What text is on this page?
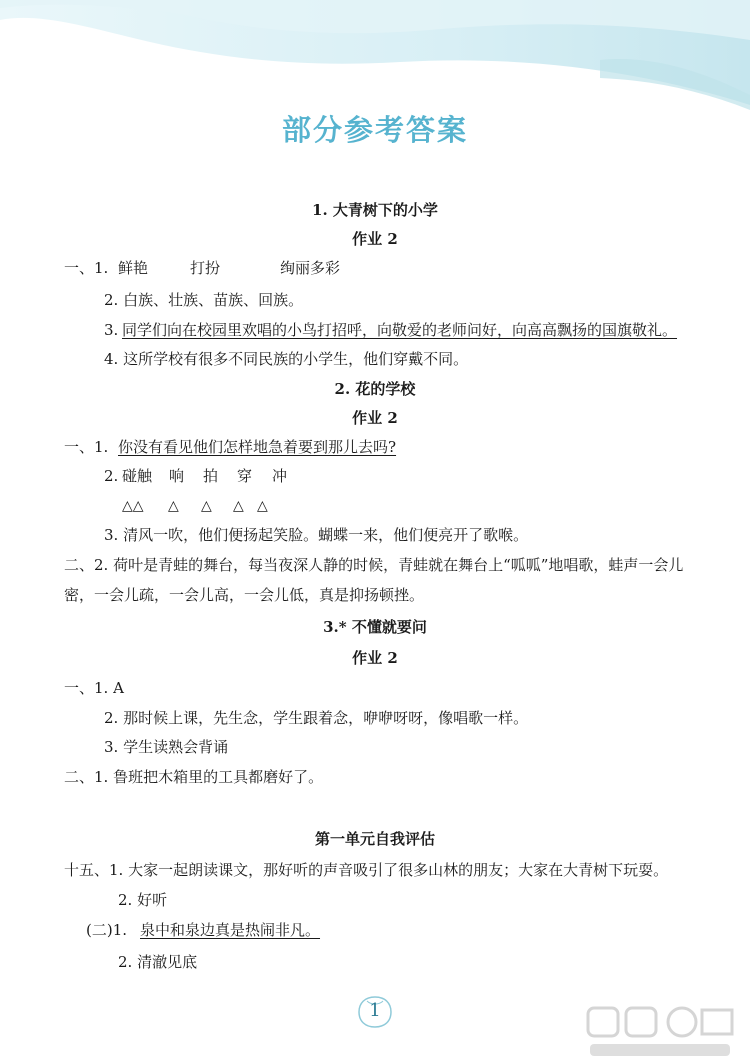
部分参考答案
1. 大青树下的小学
作业 2
一、1. 鲜艳	打扮	绚丽多彩
2. 白族、壮族、苗族、回族。
3. 同学们向在校园里欢唱的小鸟打招呼，向敬爱的老师问好，向高高飘扬的国旗敬礼。
4. 这所学校有很多不同民族的小学生，他们穿戴不同。
2. 花的学校
作业 2
一、1. 你没有看见他们怎样地急着要到那儿去吗?
2. 碰触 响 拍 穿 冲
△△ △ △ △ △
3. 清风一吹，他们便扬起笑脸。蝴蝶一来，他们便亮开了歌喉。
二、2. 荷叶是青蛙的舞台，每当夜深人静的时候，青蛙就在舞台上“呱呱”地唱歌，蛙声一会儿
密，一会儿疏，一会儿高，一会儿低，真是抑扬顿挫。
3.* 不懂就要问
作业 2
一、1. A
2. 那时候上课，先生念，学生跟着念，咿咿呀呀，像唱歌一样。
3. 学生读熟会背诵
二、1. 鲁班把木箱里的工具都磨好了。
第一单元自我评估
十五、1. 大家一起朗读课文，那好听的声音吸引了很多山林的朋友；大家在大青树下玩耍。
2. 好听
(二)1. 泉中和泉边真是热闹非凡。
2. 清澈见底
1
